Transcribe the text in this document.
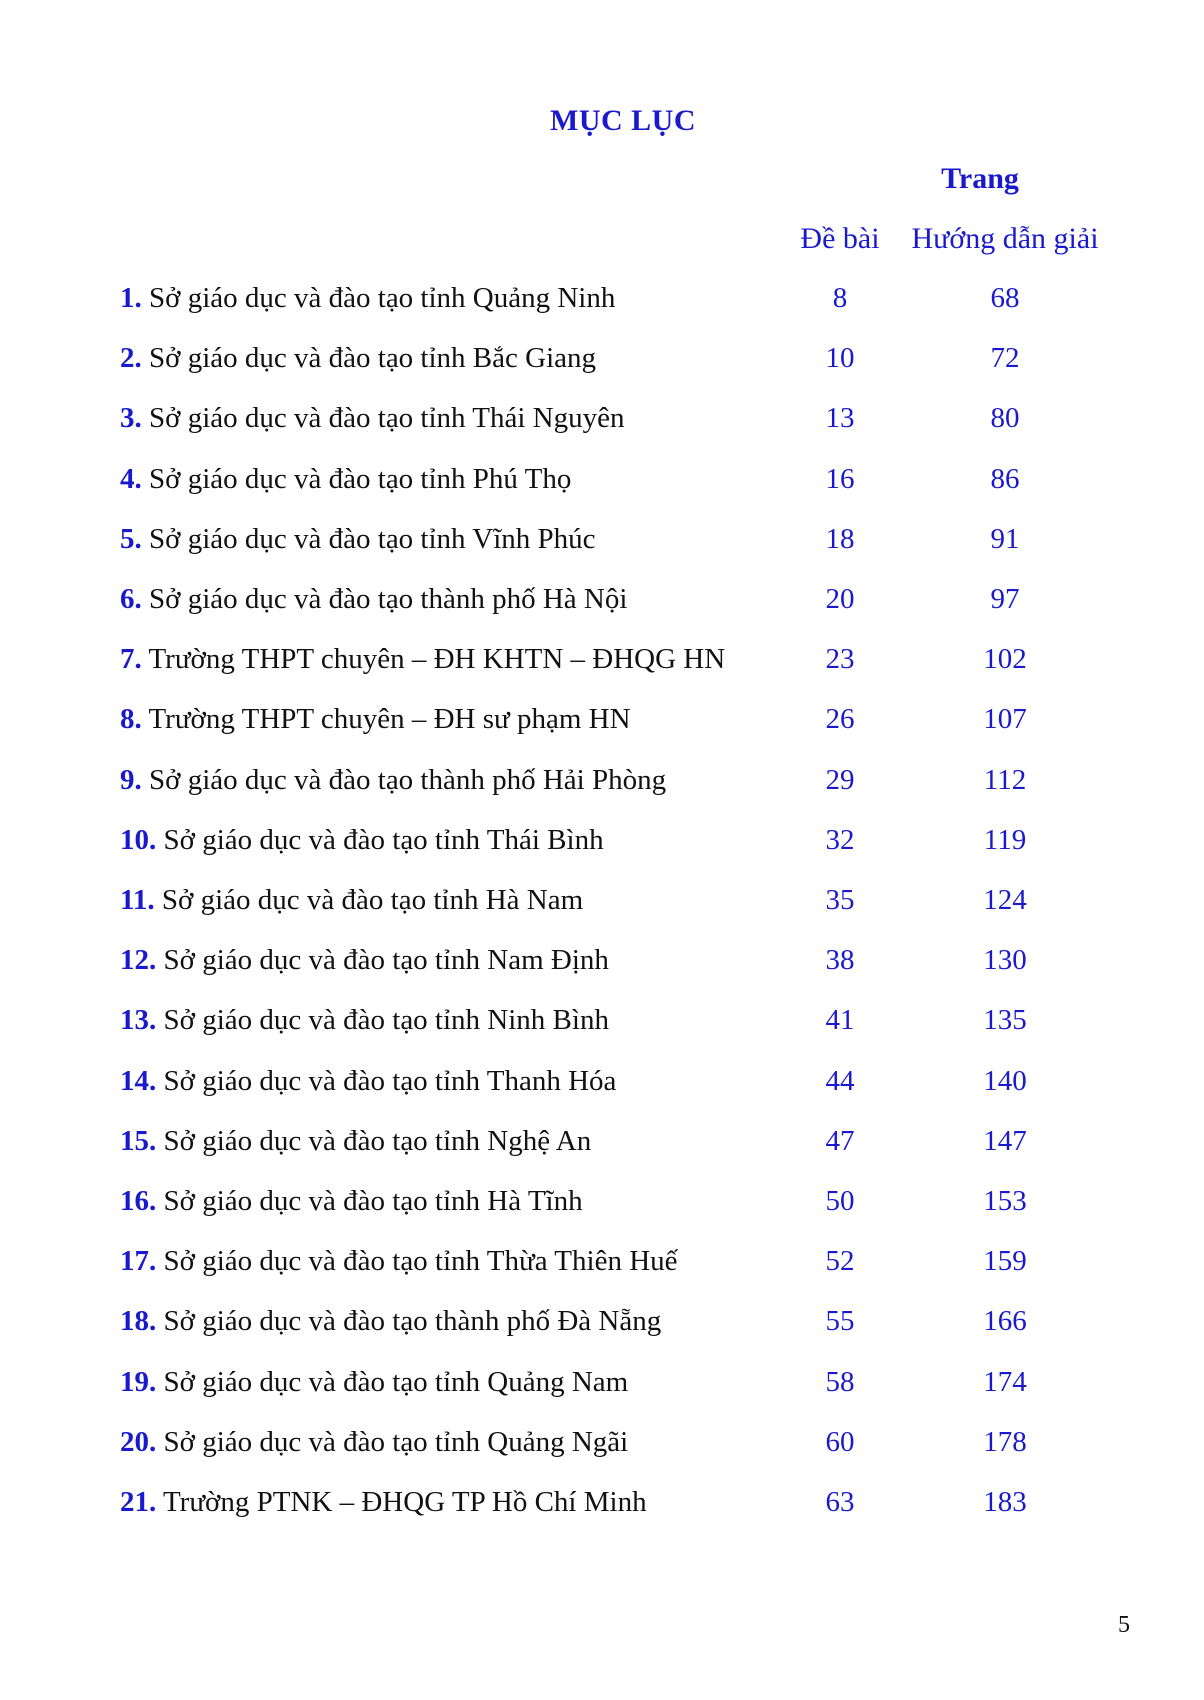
MỤC LỤC
Trang
Đề bài	Hướng dẫn giải
1. Sở giáo dục và đào tạo tỉnh Quảng Ninh	8	68
2. Sở giáo dục và đào tạo tỉnh Bắc Giang	10	72
3. Sở giáo dục và đào tạo tỉnh Thái Nguyên	13	80
4. Sở giáo dục và đào tạo tỉnh Phú Thọ	16	86
5. Sở giáo dục và đào tạo tỉnh Vĩnh Phúc	18	91
6. Sở giáo dục và đào tạo thành phố Hà Nội	20	97
7. Trường THPT chuyên – ĐH KHTN – ĐHQG HN	23	102
8. Trường THPT chuyên – ĐH sư phạm HN	26	107
9. Sở giáo dục và đào tạo thành phố Hải Phòng	29	112
10. Sở giáo dục và đào tạo tỉnh Thái Bình	32	119
11. Sở giáo dục và đào tạo tỉnh Hà Nam	35	124
12. Sở giáo dục và đào tạo tỉnh Nam Định	38	130
13. Sở giáo dục và đào tạo tỉnh Ninh Bình	41	135
14. Sở giáo dục và đào tạo tỉnh Thanh Hóa	44	140
15. Sở giáo dục và đào tạo tỉnh Nghệ An	47	147
16. Sở giáo dục và đào tạo tỉnh Hà Tĩnh	50	153
17. Sở giáo dục và đào tạo tỉnh Thừa Thiên Huế	52	159
18. Sở giáo dục và đào tạo thành phố Đà Nẵng	55	166
19. Sở giáo dục và đào tạo tỉnh Quảng Nam	58	174
20. Sở giáo dục và đào tạo tỉnh Quảng Ngãi	60	178
21. Trường PTNK – ĐHQG TP Hồ Chí Minh	63	183
5
